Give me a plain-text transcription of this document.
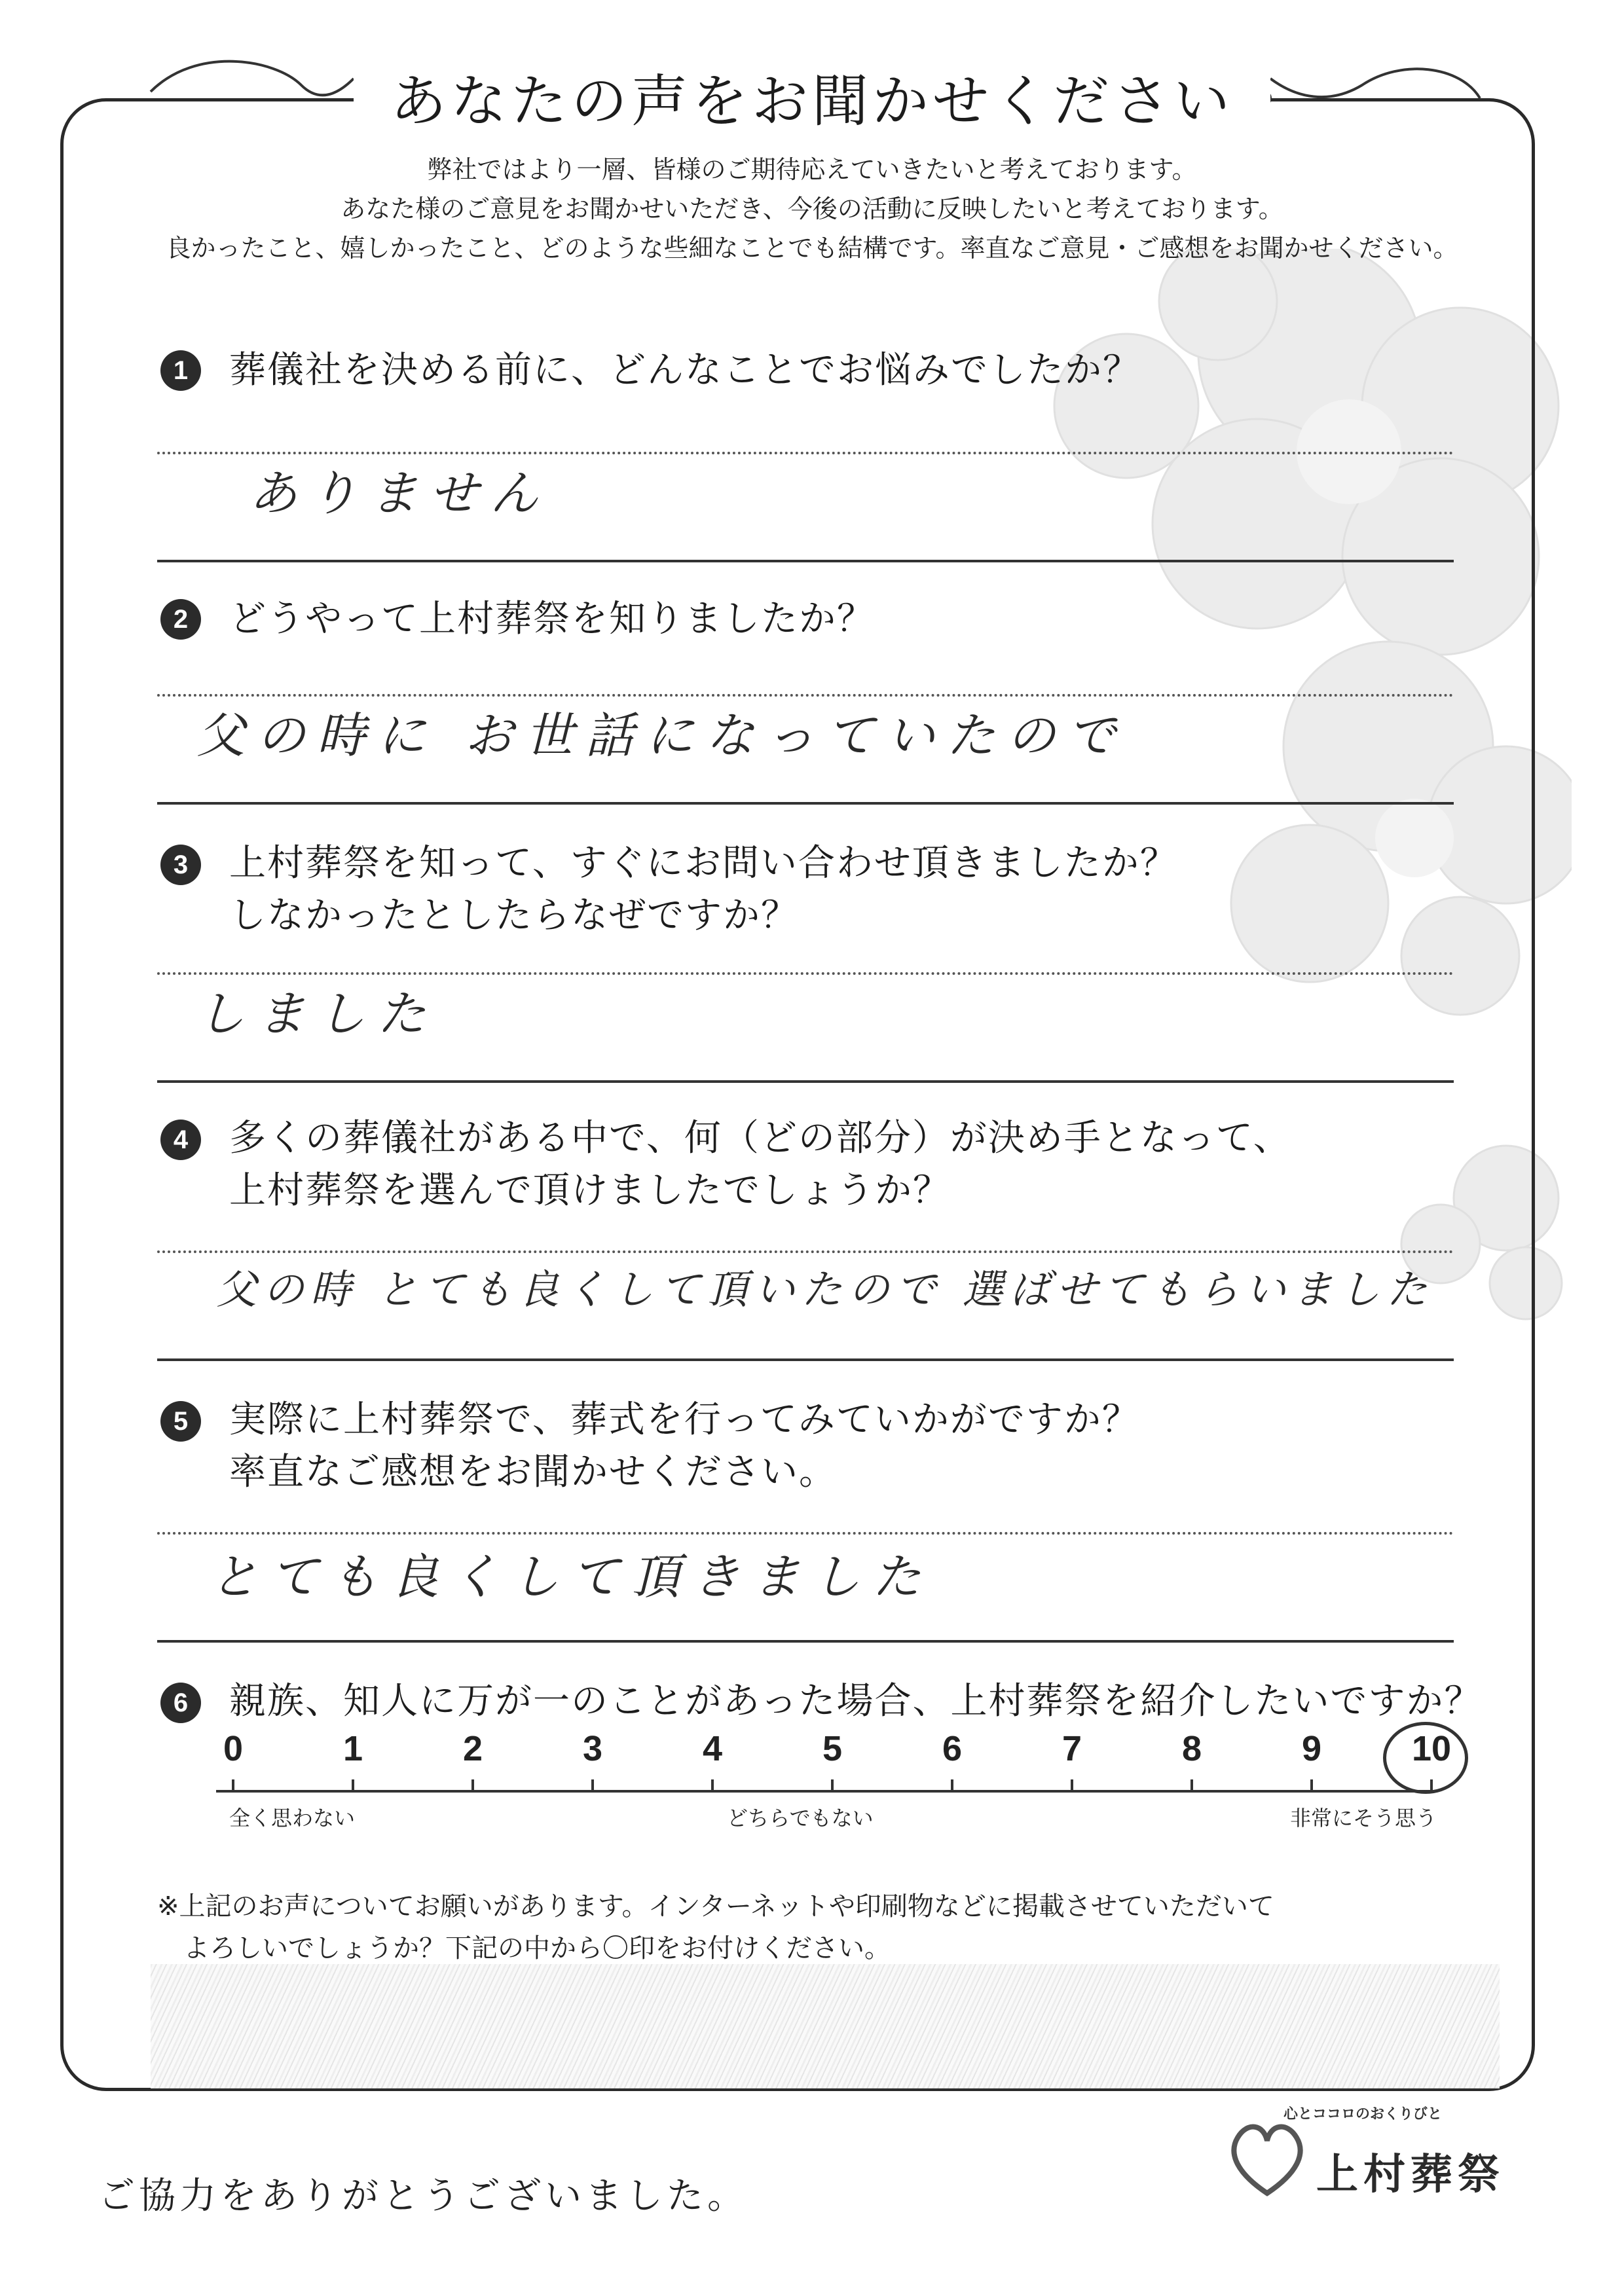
あなたの声をお聞かせください
弊社ではより一層、皆様のご期待応えていきたいと考えております。
あなた様のご意見をお聞かせいただき、今後の活動に反映したいと考えております。
良かったこと、嬉しかったこと、どのような些細なことでも結構です。率直なご意見・ご感想をお聞かせください。
1	葬儀社を決める前に、どんなことでお悩みでしたか？
ありません
2	どうやって上村葬祭を知りましたか？
父の時に お世話になっていたので
3	上村葬祭を知って、すぐにお問い合わせ頂きましたか？
しなかったとしたらなぜですか？
しました
4	多くの葬儀社がある中で、何（どの部分）が決め手となって、
上村葬祭を選んで頂けましたでしょうか？
父の時 とても良くして頂いたので 選ばせてもらいました
5	実際に上村葬祭で、葬式を行ってみていかがですか？
率直なご感想をお聞かせください。
とても良くして頂きました
6	親族、知人に万が一のことがあった場合、上村葬祭を紹介したいですか？
0	1	2	3	4	5	6	7	8	9	10
全く思わない	どちらでもない	非常にそう思う
※上記のお声についてお願いがあります。インターネットや印刷物などに掲載させていただいて
よろしいでしょうか？下記の中から〇印をお付けください。
ご協力をありがとうございました。
心とココロのおくりびと
上村葬祭
